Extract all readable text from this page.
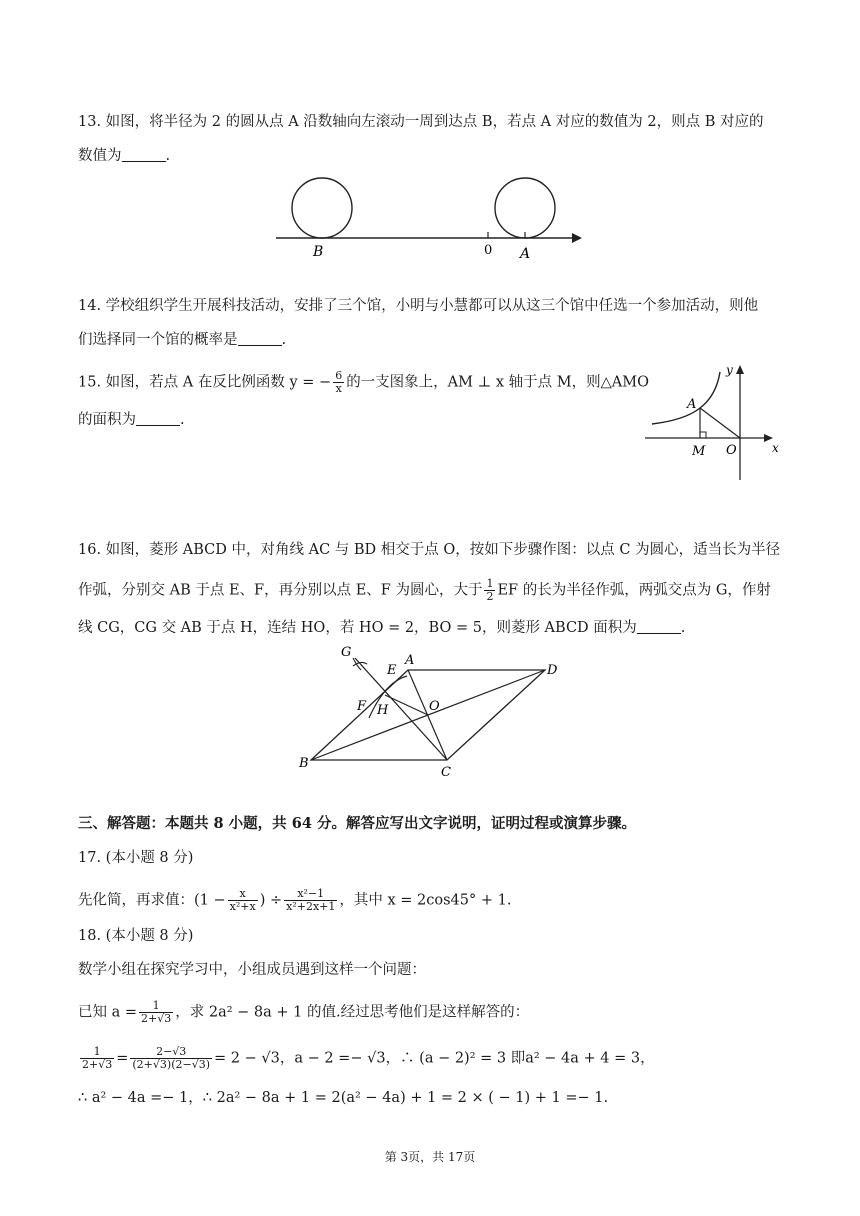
13. 如图，将半径为 2 的圆从点 A 沿数轴向左滚动一周到达点 B，若点 A 对应的数值为 2，则点 B 对应的
数值为	.
B	0 A
14. 学校组织学生开展科技活动，安排了三个馆，小明与小慧都可以从这三个馆中任选一个参加活动，则他
们选择同一个馆的概率是	.
15. 如图，若点 A 在反比例函数 y = − $\frac{6}{x}$ 的一支图象上，AM ⊥ x 轴于点 M，则△AMO
的面积为	.
y
A
M O	x
16. 如图，菱形 ABCD 中，对角线 AC 与 BD 相交于点 O，按如下步骤作图：以点 C 为圆心，适当长为半径
作弧，分别交 AB 于点 E、F，再分别以点 E、F 为圆心，大于 $\frac{1}{2}$ EF 的长为半径作弧，两弧交点为 G，作射
线 CG，CG 交 AB 于点 H，连结 HO，若 HO = 2，BO = 5，则菱形 ABCD 面积为	.
G
E
A
D
F H	O
B
C
三、解答题：本题共 8 小题，共 64 分。解答应写出文字说明，证明过程或演算步骤。
17. (本小题 8 分)
先化简，再求值：($1 - \frac{x}{\text{x²+x}}$ ) ÷ $\frac{\text{x²−1}}{\text{x²+2x+1}}$ ，其中 x = 2cos45° + 1.
18. (本小题 8 分)
数学小组在探究学习中，小组成员遇到这样一个问题：
已知 $a = \frac{1}{2+√3}$ ，求 2a² − 8a + 1 的值.经过思考他们是这样解答的：
$\frac{1}{2+√3} = \frac{2-√3}{(2+√3)(2-√3)} = 2 - √3$，a − 2 =− √3，∴ (a − 2)² = 3 即a² − 4a + 4 = 3，
∴ a² − 4a =− 1，∴ 2a² − 8a + 1 = 2(a² − 4a) + 1 = 2 × ( − 1) + 1 =− 1.
第 3页，共 17页
